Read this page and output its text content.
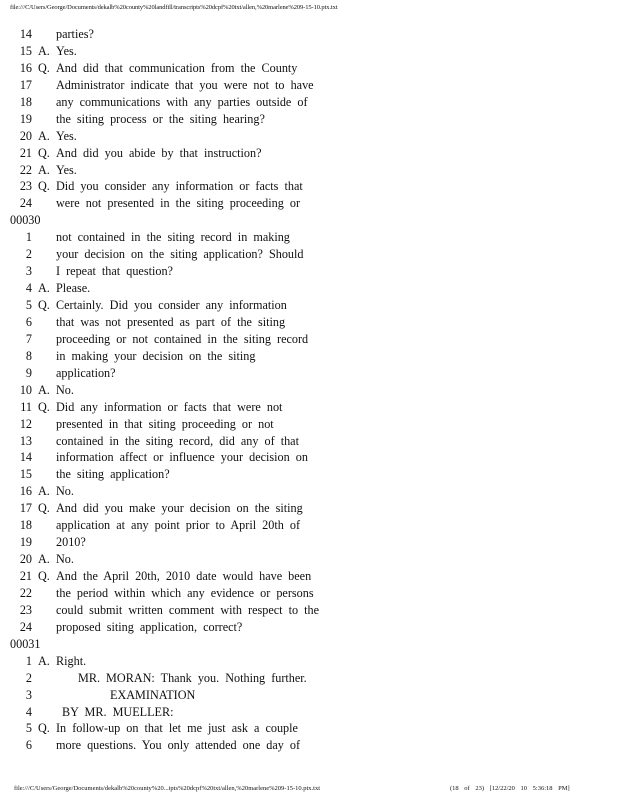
file:///C/Users/George/Documents/dekalb%20county%20landfill/transcripts%20dcpf%20txt/allen,%20marlene%209-15-10.ptx.txt
14 parties?
15 A. Yes.
16 Q. And did that communication from the County
17 Administrator indicate that you were not to have
18 any communications with any parties outside of
19 the siting process or the siting hearing?
20 A. Yes.
21 Q. And did you abide by that instruction?
22 A. Yes.
23 Q. Did you consider any information or facts that
24 were not presented in the siting proceeding or
00030
1 not contained in the siting record in making
2 your decision on the siting application? Should
3 I repeat that question?
4 A. Please.
5 Q. Certainly. Did you consider any information
6 that was not presented as part of the siting
7 proceeding or not contained in the siting record
8 in making your decision on the siting
9 application?
10 A. No.
11 Q. Did any information or facts that were not
12 presented in that siting proceeding or not
13 contained in the siting record, did any of that
14 information affect or influence your decision on
15 the siting application?
16 A. No.
17 Q. And did you make your decision on the siting
18 application at any point prior to April 20th of
19 2010?
20 A. No.
21 Q. And the April 20th, 2010 date would have been
22 the period within which any evidence or persons
23 could submit written comment with respect to the
24 proposed siting application, correct?
00031
1 A. Right.
2	MR. MORAN: Thank you. Nothing further.
3	EXAMINATION
4 BY MR. MUELLER:
5 Q. In follow-up on that let me just ask a couple
6 more questions. You only attended one day of
file:///C/Users/George/Documents/dekalb%20county%20...ipts%20dcpf%20txt/allen,%20marlene%209-15-10.ptx.txt	(18 of 23) [12/22/20 10 5:36:18 PM]
